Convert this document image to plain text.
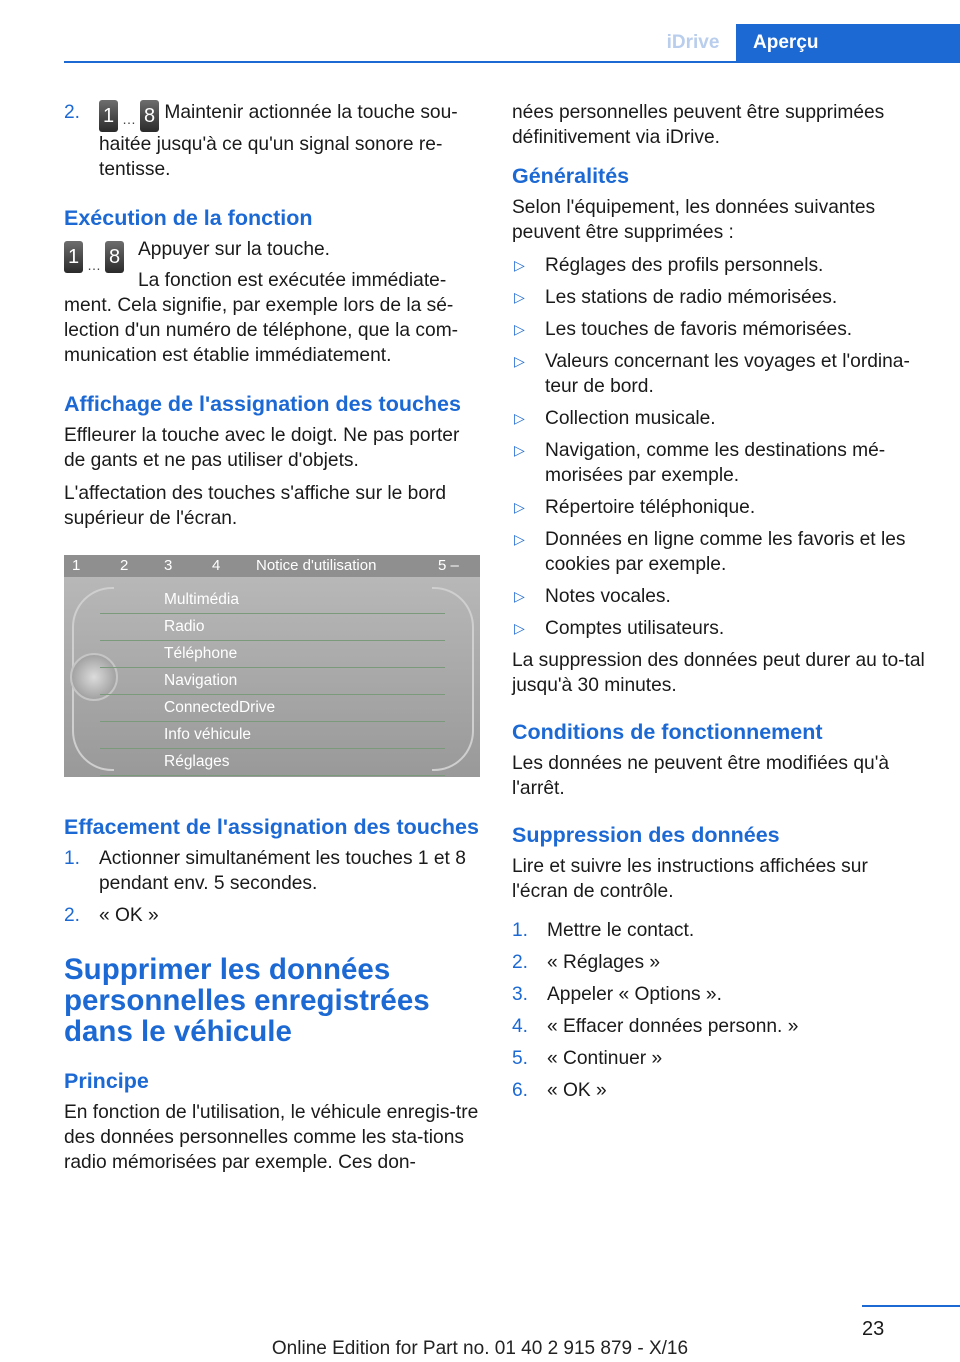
iDrive	Aperçu
2. 1 … 8 Maintenir actionnée la touche sou-haitée jusqu'à ce qu'un signal sonore re-tentisse.
Exécution de la fonction
1 … 8 Appuyer sur la touche.

La fonction est exécutée immédiate-ment. Cela signifie, par exemple lors de la sé-lection d'un numéro de téléphone, que la com-munication est établie immédiatement.

Affichage de l'assignation des touches

Effleurer la touche avec le doigt. Ne pas porter de gants et ne pas utiliser d'objets.

L'affectation des touches s'affiche sur le bord supérieur de l'écran.

1	2 3	4 Notice d'utilisation	5 –
Multimédia
Radio
Téléphone
Navigation
ConnectedDrive
Info véhicule
Réglages
Effacement de l'assignation des touches
1. Actionner simultanément les touches 1 et 8 pendant env. 5 secondes.
2. « OK »
Supprimer les données personnelles enregistrées dans le véhicule
Principe

En fonction de l'utilisation, le véhicule enregis-tre des données personnelles comme les sta-tions radio mémorisées par exemple. Ces don-

nées personnelles peuvent être supprimées définitivement via iDrive.

Généralités

Selon l'équipement, les données suivantes peuvent être supprimées :

▷ Réglages des profils personnels.
▷ Les stations de radio mémorisées.
▷ Les touches de favoris mémorisées.
▷ Valeurs concernant les voyages et l'ordina-teur de bord.
▷ Collection musicale.
▷ Navigation, comme les destinations mé-morisées par exemple.
▷ Répertoire téléphonique.
▷ Données en ligne comme les favoris et les cookies par exemple.
▷ Notes vocales.
▷ Comptes utilisateurs.

La suppression des données peut durer au to-tal jusqu'à 30 minutes.

Conditions de fonctionnement

Les données ne peuvent être modifiées qu'à l'arrêt.

Suppression des données

Lire et suivre les instructions affichées sur l'écran de contrôle.

1. Mettre le contact.
2. « Réglages »
3. Appeler « Options ».
4. « Effacer données personn. »
5. « Continuer »
6. « OK »
23
Online Edition for Part no. 01 40 2 915 879 - X/16
